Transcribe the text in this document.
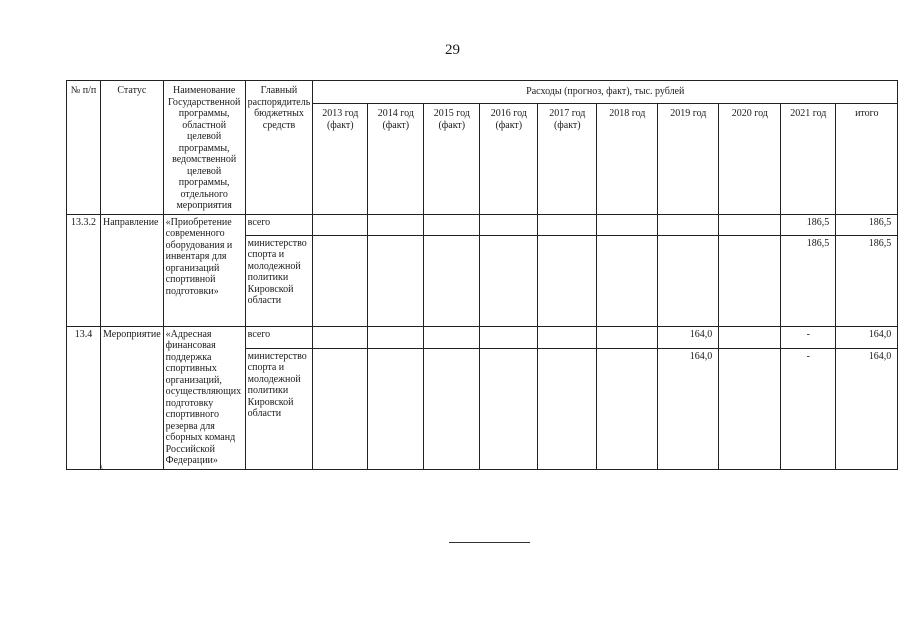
29
№ п/п	Статус	Наименование Государственной программы, областной целевой программы, ведомственной целевой программы, отдельного мероприятия	Главный распорядитель бюджетных средств	Расходы (прогноз, факт), тыс. рублей									
				2013 год (факт)	2014 год (факт)	2015 год (факт)	2016 год (факт)	2017 год (факт)	2018 год	2019 год	2020 год	2021 год	итого
13.3.2	Направление	«Приобретение современного оборудования и инвентаря для организаций спортивной подготовки»	всего									186,5	186,5
			министерство спорта и молодежной политики Кировской области									186,5	186,5
13.4	Мероприятие	«Адресная финансовая поддержка спортивных организаций, осуществляющих подготовку спортивного резерва для сборных команд Российской Федерации»	всего							164,0		-	164,0
			министерство спорта и молодежной политики Кировской области							164,0		-	164,0
\
